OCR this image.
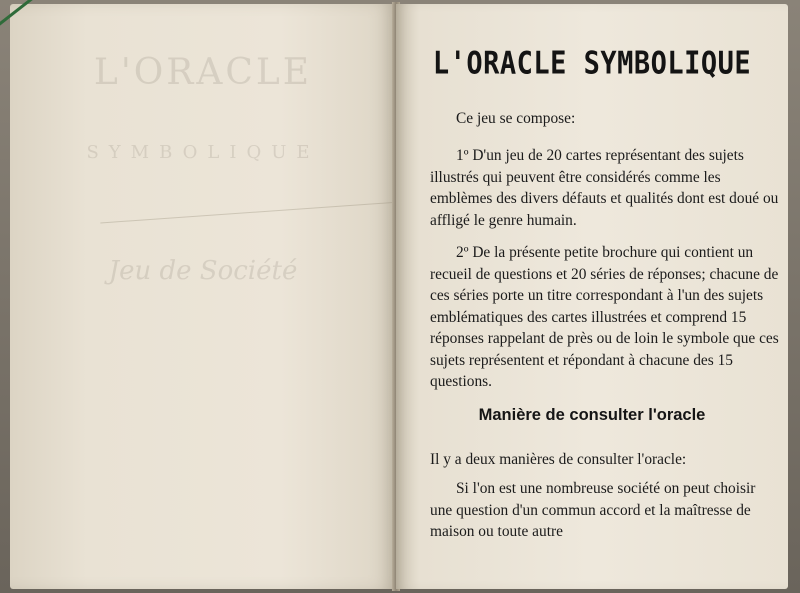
L'ORACLE
SYMBOLIQUE
Jeu de Société
L'ORACLE SYMBOLIQUE
Ce jeu se compose:
1º D'un jeu de 20 cartes représentant des sujets illustrés qui peuvent être considérés comme les emblèmes des divers défauts et qualités dont est doué ou affligé le genre humain.
2º De la présente petite brochure qui contient un recueil de questions et 20 séries de réponses; chacune de ces séries porte un titre correspondant à l'un des sujets emblématiques des cartes illustrées et comprend 15 réponses rappelant de près ou de loin le symbole que ces sujets représentent et répondant à chacune des 15 questions.
Manière de consulter l'oracle
Il y a deux manières de consulter l'oracle:
Si l'on est une nombreuse société on peut choisir une question d'un commun accord et la maîtresse de maison ou toute autre
